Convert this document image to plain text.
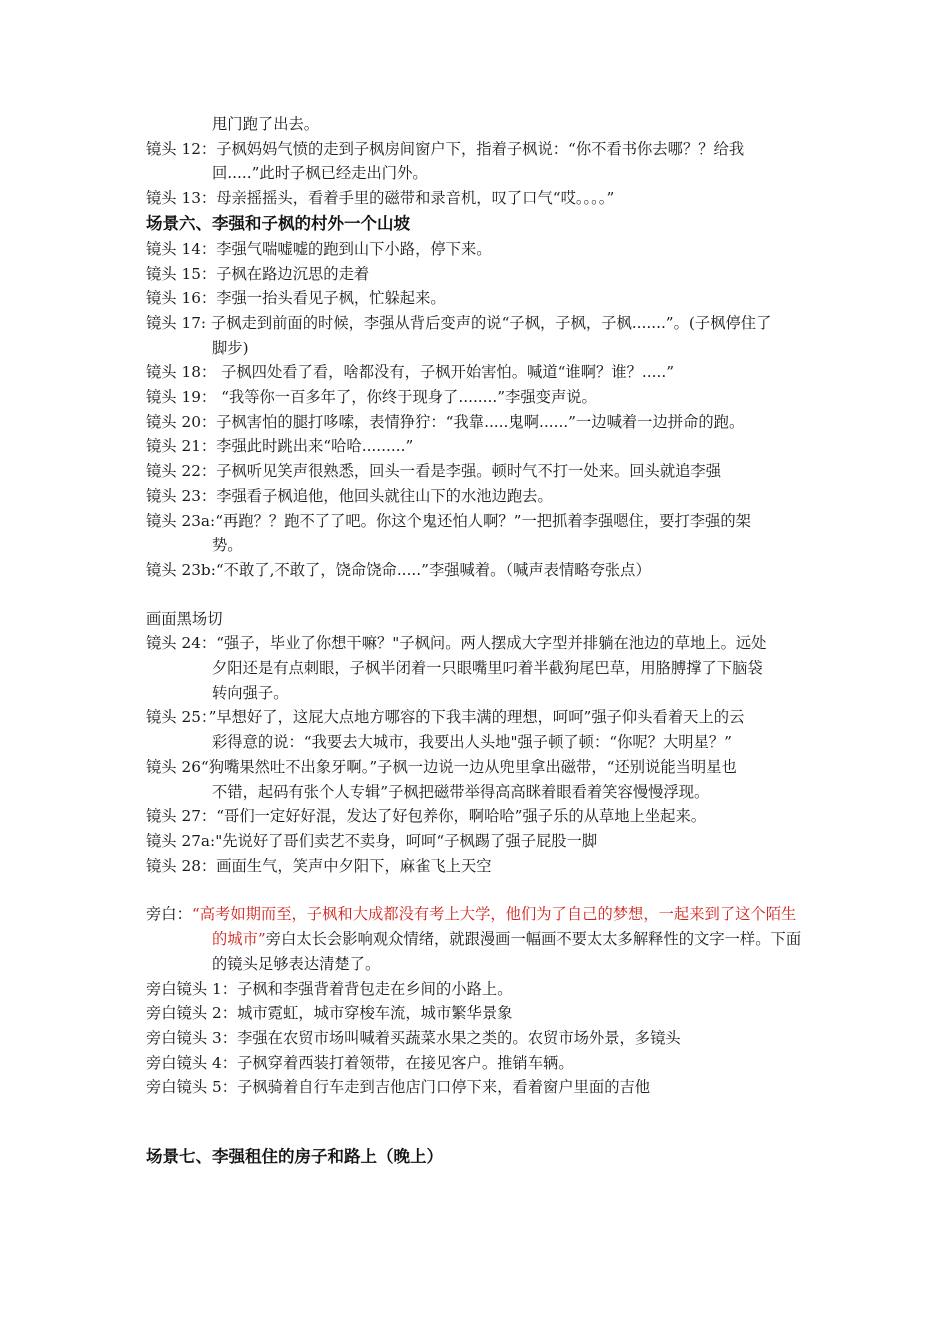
甩门跑了出去。
镜头 12：子枫妈妈气愤的走到子枫房间窗户下，指着子枫说：“你不看书你去哪？？给我
回.....”此时子枫已经走出门外。
镜头 13：母亲摇摇头，看着手里的磁带和录音机，叹了口气“哎。。。。”
场景六、李强和子枫的村外一个山坡
镜头 14：李强气喘嘘嘘的跑到山下小路，停下来。
镜头 15：子枫在路边沉思的走着
镜头 16：李强一抬头看见子枫，忙躲起来。
镜头 17: 子枫走到前面的时候，李强从背后变声的说“子枫，子枫，子枫.......”。(子枫停住了
脚步)
镜头 18： 子枫四处看了看，啥都没有，子枫开始害怕。喊道“谁啊？谁？.....”
镜头 19： “我等你一百多年了，你终于现身了........”李强变声说。
镜头 20：子枫害怕的腿打哆嗦，表情狰狞：“我靠.....鬼啊......”一边喊着一边拼命的跑。
镜头 21：李强此时跳出来“哈哈.........”
镜头 22：子枫听见笑声很熟悉，回头一看是李强。顿时气不打一处来。回头就追李强
镜头 23：李强看子枫追他，他回头就往山下的水池边跑去。
镜头 23a:“再跑？？跑不了了吧。你这个鬼还怕人啊？”一把抓着李强嗯住，要打李强的架
势。
镜头 23b:“不敢了,不敢了，饶命饶命.....”李强喊着。（喊声表情略夸张点）
画面黑场切
镜头 24：“强子，毕业了你想干嘛？"子枫问。两人摆成大字型并排躺在池边的草地上。远处
夕阳还是有点刺眼，子枫半闭着一只眼嘴里叼着半截狗尾巴草，用胳膊撑了下脑袋
转向强子。
镜头 25：”早想好了，这屁大点地方哪容的下我丰满的理想，呵呵”强子仰头看着天上的云
彩得意的说：“我要去大城市，我要出人头地"强子顿了顿：“你呢？大明星？”
镜头 26“狗嘴果然吐不出象牙啊。”子枫一边说一边从兜里拿出磁带，“还别说能当明星也
不错，起码有张个人专辑”子枫把磁带举得高高眯着眼看着笑容慢慢浮现。
镜头 27：“哥们一定好好混，发达了好包养你，啊哈哈”强子乐的从草地上坐起来。
镜头 27a:"先说好了哥们卖艺不卖身，呵呵“子枫踢了强子屁股一脚
镜头 28：画面生气，笑声中夕阳下，麻雀飞上天空
旁白：“高考如期而至，子枫和大成都没有考上大学，他们为了自己的梦想，一起来到了这个陌生的城市”旁白太长会影响观众情绪，就跟漫画一幅画不要太太多解释性的文字一样。下面的镜头足够表达清楚了。
旁白镜头 1：子枫和李强背着背包走在乡间的小路上。
旁白镜头 2：城市霓虹，城市穿梭车流，城市繁华景象
旁白镜头 3：李强在农贸市场叫喊着买蔬菜水果之类的。农贸市场外景，多镜头
旁白镜头 4：子枫穿着西装打着领带，在接见客户。推销车辆。
旁白镜头 5：子枫骑着自行车走到吉他店门口停下来，看着窗户里面的吉他
场景七、李强租住的房子和路上（晚上）
